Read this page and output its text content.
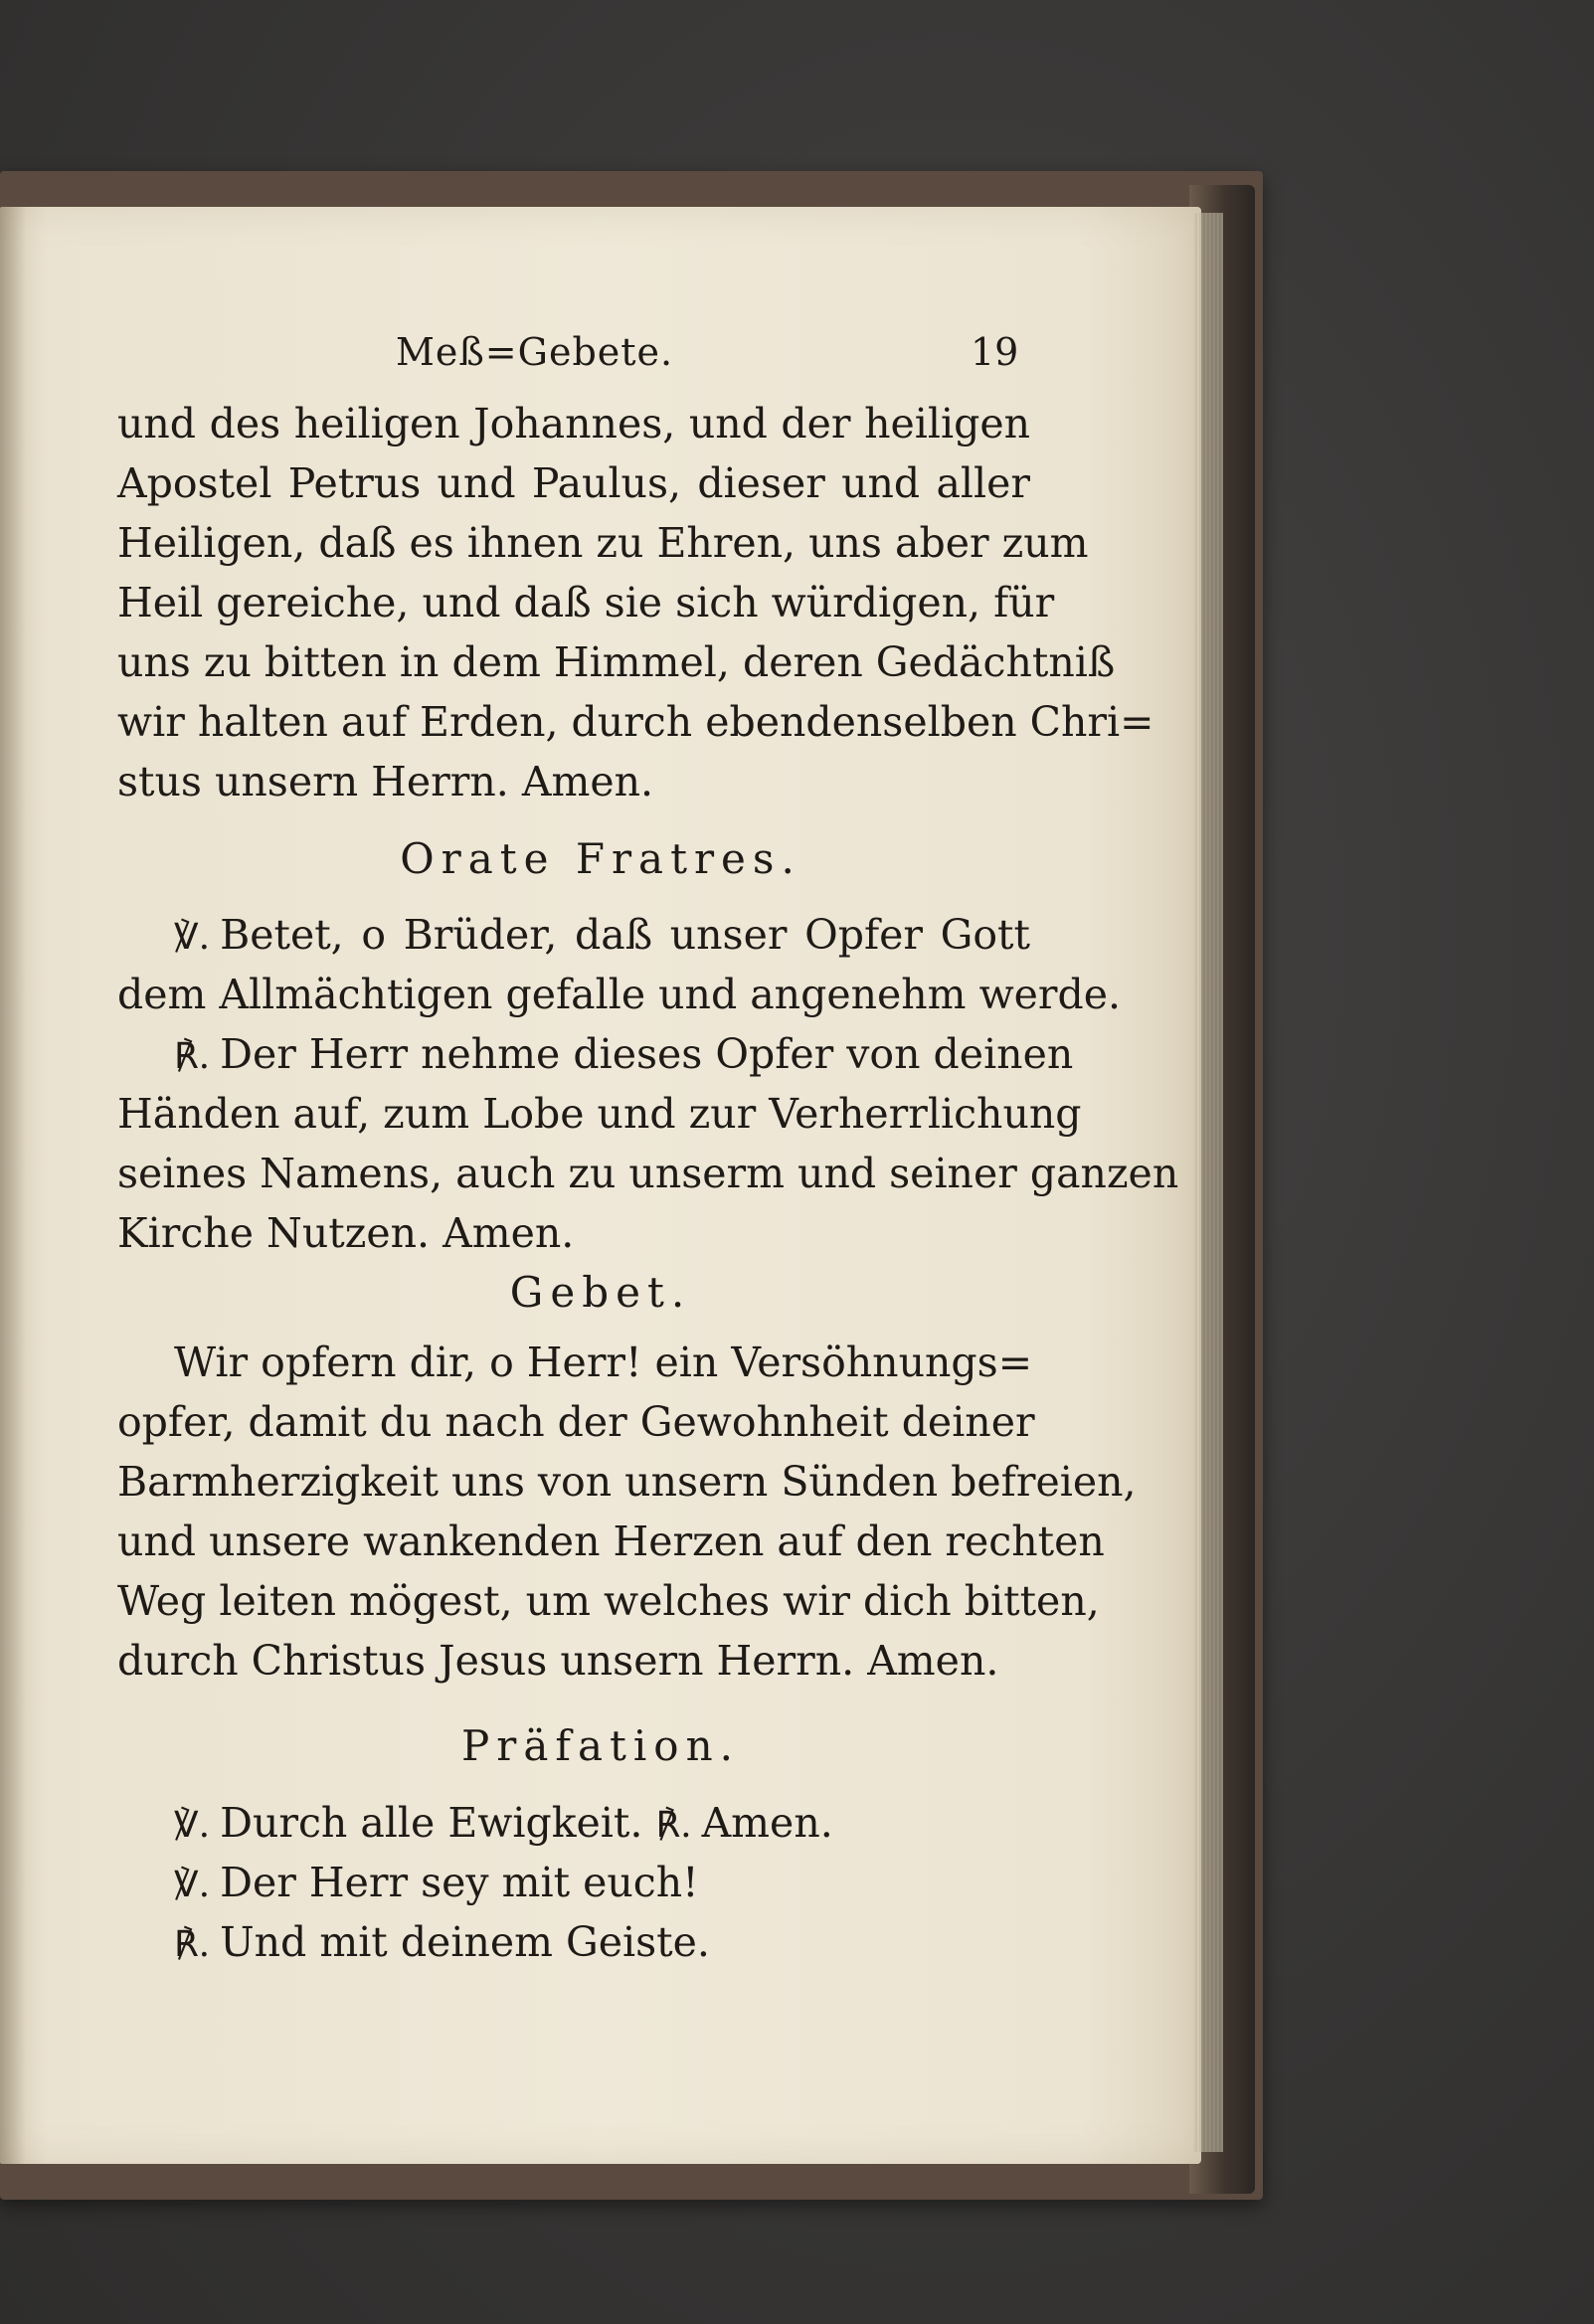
Meß=Gebete.	19
und des heiligen Johannes, und der heiligen
Apostel Petrus und Paulus, dieser und aller
Heiligen, daß es ihnen zu Ehren, uns aber zum
Heil gereiche, und daß sie sich würdigen, für
uns zu bitten in dem Himmel, deren Gedächtniß
wir halten auf Erden, durch ebendenselben Chri=
stus unsern Herrn. Amen.
Orate Fratres.
℣. Betet, o Brüder, daß unser Opfer Gott
dem Allmächtigen gefalle und angenehm werde.
℟. Der Herr nehme dieses Opfer von deinen
Händen auf, zum Lobe und zur Verherrlichung
seines Namens, auch zu unserm und seiner ganzen
Kirche Nutzen. Amen.
Gebet.
Wir opfern dir, o Herr! ein Versöhnungs=
opfer, damit du nach der Gewohnheit deiner
Barmherzigkeit uns von unsern Sünden befreien,
und unsere wankenden Herzen auf den rechten
Weg leiten mögest, um welches wir dich bitten,
durch Christus Jesus unsern Herrn. Amen.
Präfation.
℣. Durch alle Ewigkeit. ℟. Amen.
℣. Der Herr sey mit euch!
℟. Und mit deinem Geiste.
